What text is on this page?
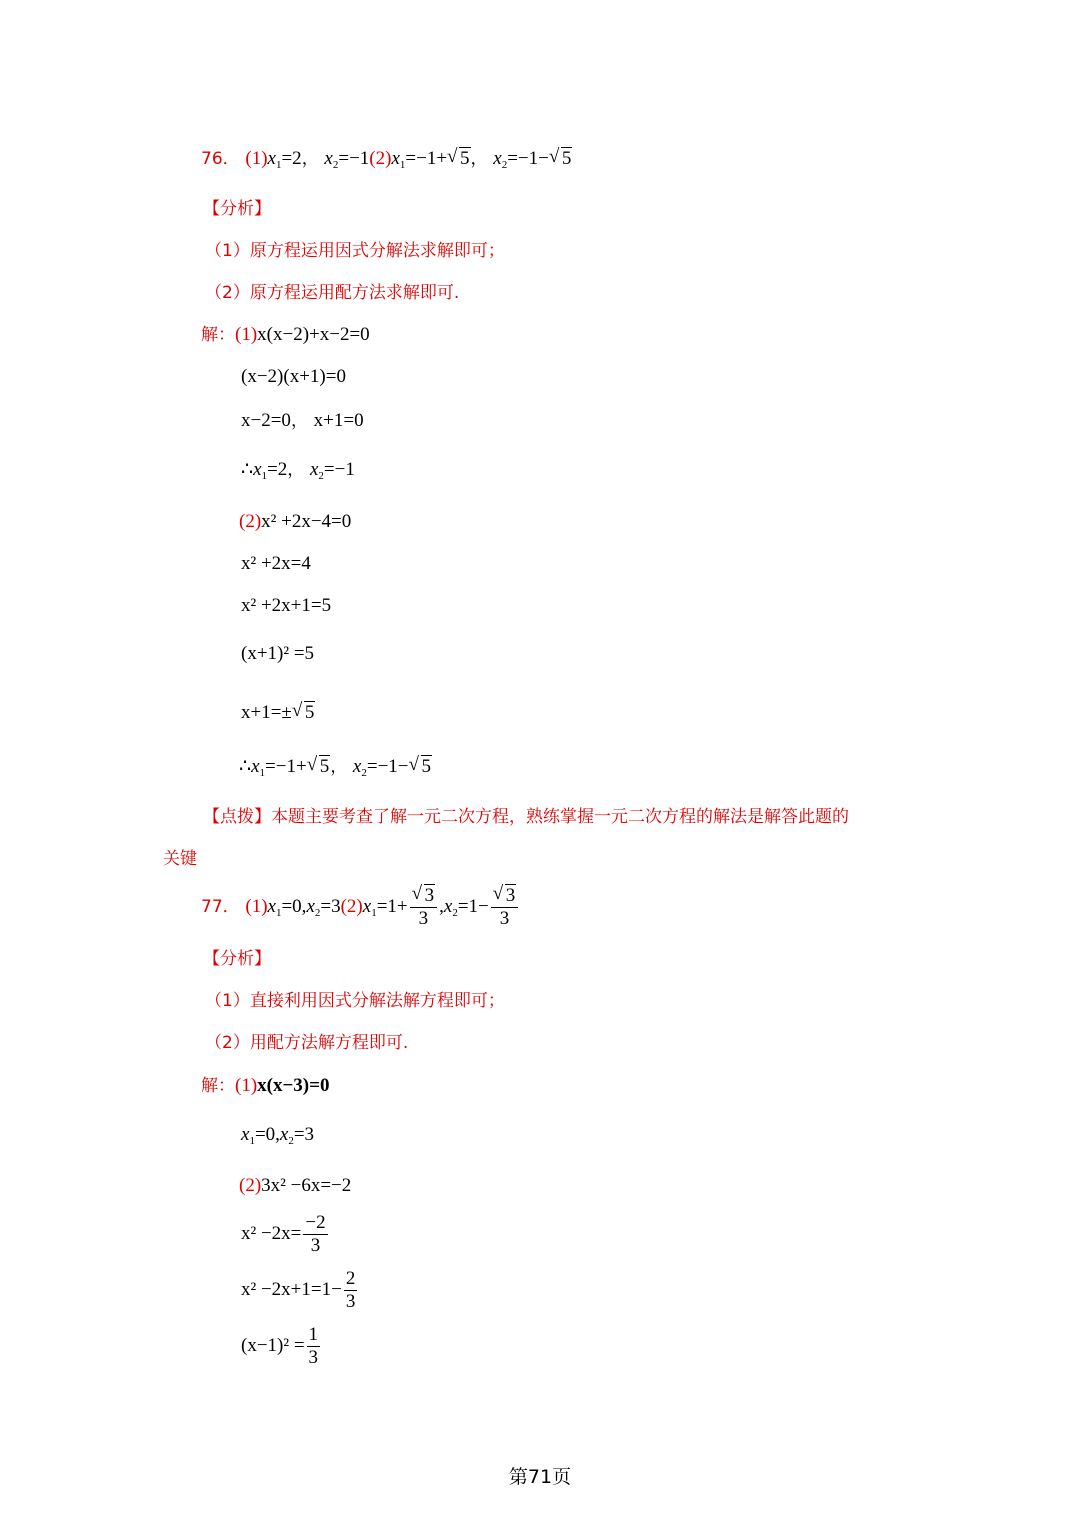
76． $(1)x_1=2$， $x_2=-1(2)x_1=-1+√$ 5， $x_2=-1-√$ 5
【分析】
（1）原方程运用因式分解法求解即可；
（2）原方程运用配方法求解即可.
解：(1)x(x−2)+x−2=0
(x−2)(x+1)=0
x−2=0， x+1=0
$\therefore x_1=2$， $x_2=-1$
(2)x² +2x−4=0
x² +2x=4
x² +2x+1=5
(x+1)² =5
x+1=±√ 5
$\therefore x_1=-1+√$ 5， $x_2=-1-√$ 5
【点拨】本题主要考查了解一元二次方程，熟练掌握一元二次方程的解法是解答此题的
关键
77． $(1)x_1=0,x_2=3(2)x_1=1+$
√ $\frac{3}{3} ,x_2=1-$
√ $\frac{3}{3}$
【分析】
（1）直接利用因式分解法解方程即可；
（2）用配方法解方程即可.
解：(1)x(x−3)=0
$x_1=0,x_2=3$
(2)3x² −6x=−2
$x^2 -2x= \frac{-2}{3}$
$x^2 -2x+1=1- \frac{2}{3}$
$(x-1)^2 = \frac{1}{3}$
第71页
